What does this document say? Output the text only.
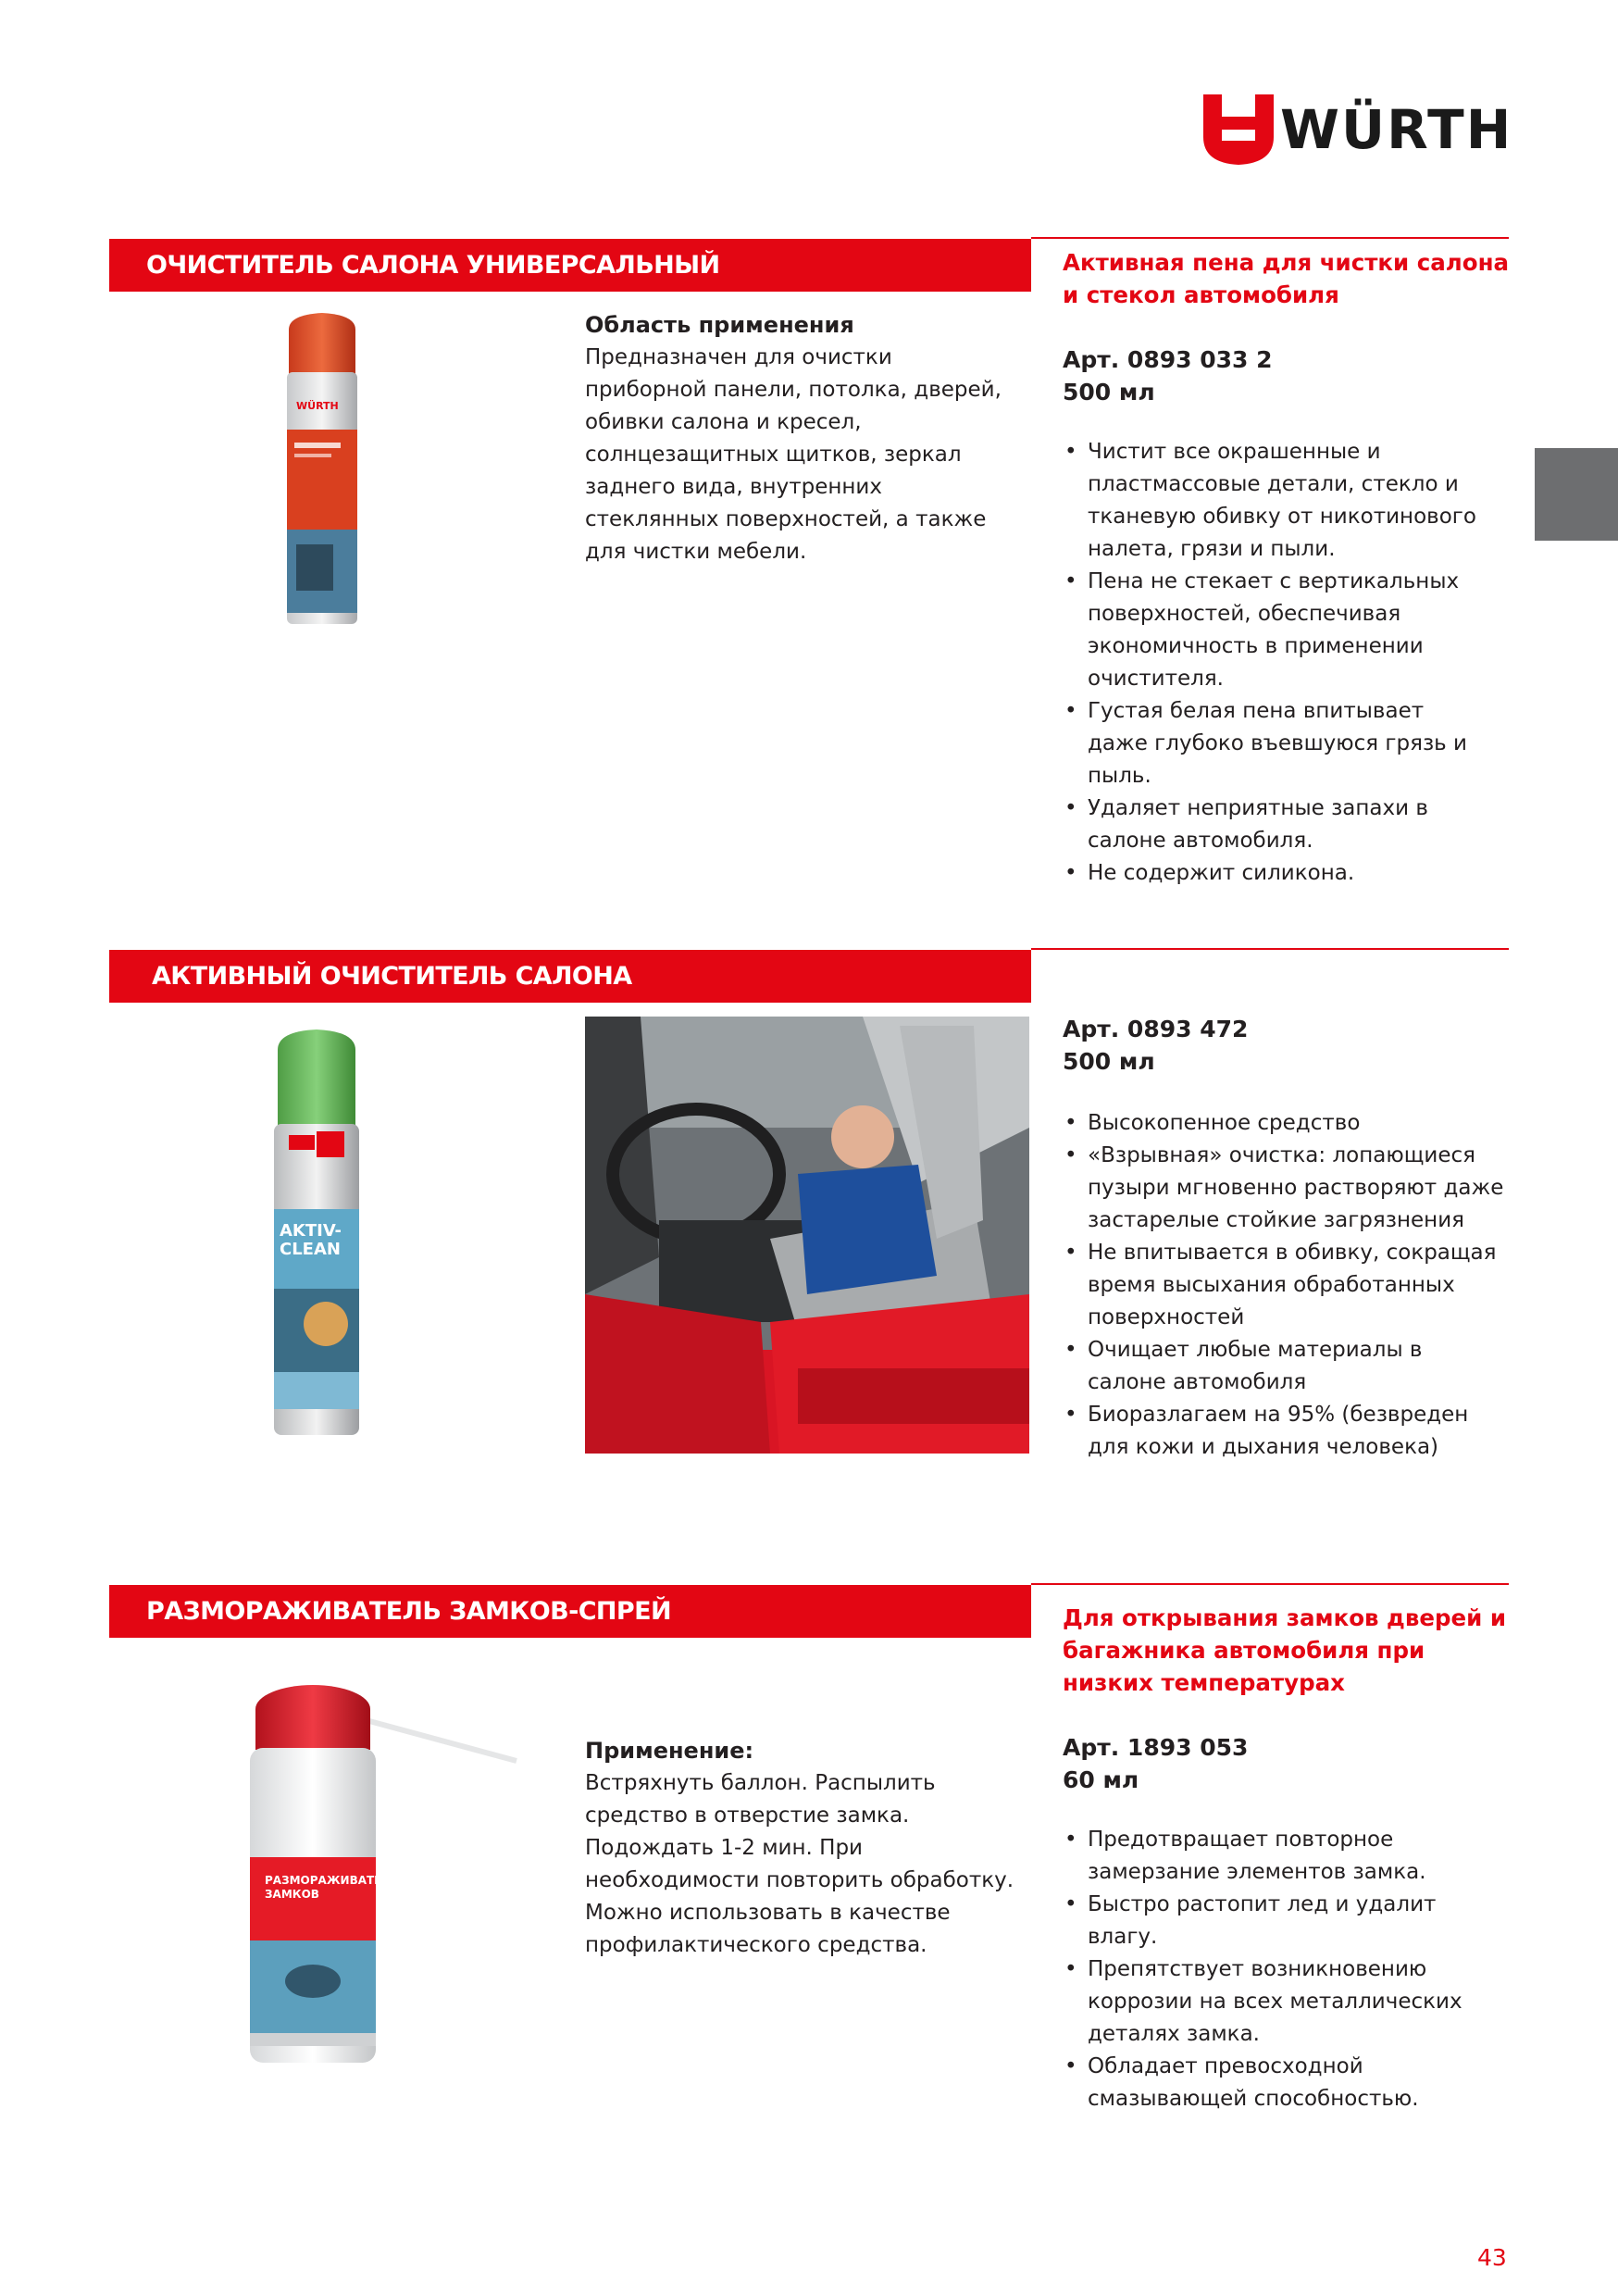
WÜRTH
ОЧИСТИТЕЛЬ САЛОНА УНИВЕРСАЛЬНЫЙ
WÜRTH
Область применения
Предназначен для очистки приборной панели, потолка, дверей, обивки салона и кресел, солнцезащитных щитков, зеркал заднего вида, внутренних стеклянных поверхностей, а также для чистки мебели.
Активная пена для чистки салона и стекол автомобиля
Арт. 0893 033 2
500 мл
• Чистит все окрашенные и пластмассовые детали, стекло и тканевую обивку от никотинового налета, грязи и пыли.
• Пена не стекает с вертикальных поверхностей, обеспечивая экономичность в применении очистителя.
• Густая белая пена впитывает даже глубоко въевшуюся грязь и пыль.
• Удаляет неприятные запахи в салоне автомобиля.
• Не содержит силикона.
АКТИВНЫЙ ОЧИСТИТЕЛЬ САЛОНА
AKTIV-CLEAN
Арт. 0893 472
500 мл
• Высокопенное средство
• «Взрывная» очистка: лопающиеся пузыри мгновенно растворяют даже застарелые стойкие загрязнения
• Не впитывается в обивку, сокращая время высыхания обработанных поверхностей
• Очищает любые материалы в салоне автомобиля
• Биоразлагаем на 95% (безвреден для кожи и дыхания человека)
РАЗМОРАЖИВАТЕЛЬ ЗАМКОВ-СПРЕЙ
РАЗМОРАЖИВАТЕЛЬ ЗАМКОВ
Применение:
Встряхнуть баллон. Распылить средство в отверстие замка. Подождать 1-2 мин. При необходимости повторить обработку. Можно использовать в качестве профилактического средства.
Для открывания замков дверей и багажника автомобиля при низких температурах
Арт. 1893 053
60 мл
• Предотвращает повторное замерзание элементов замка.
• Быстро растопит лед и удалит влагу.
• Препятствует возникновению коррозии на всех металлических деталях замка.
• Обладает превосходной смазывающей способностью.
43
